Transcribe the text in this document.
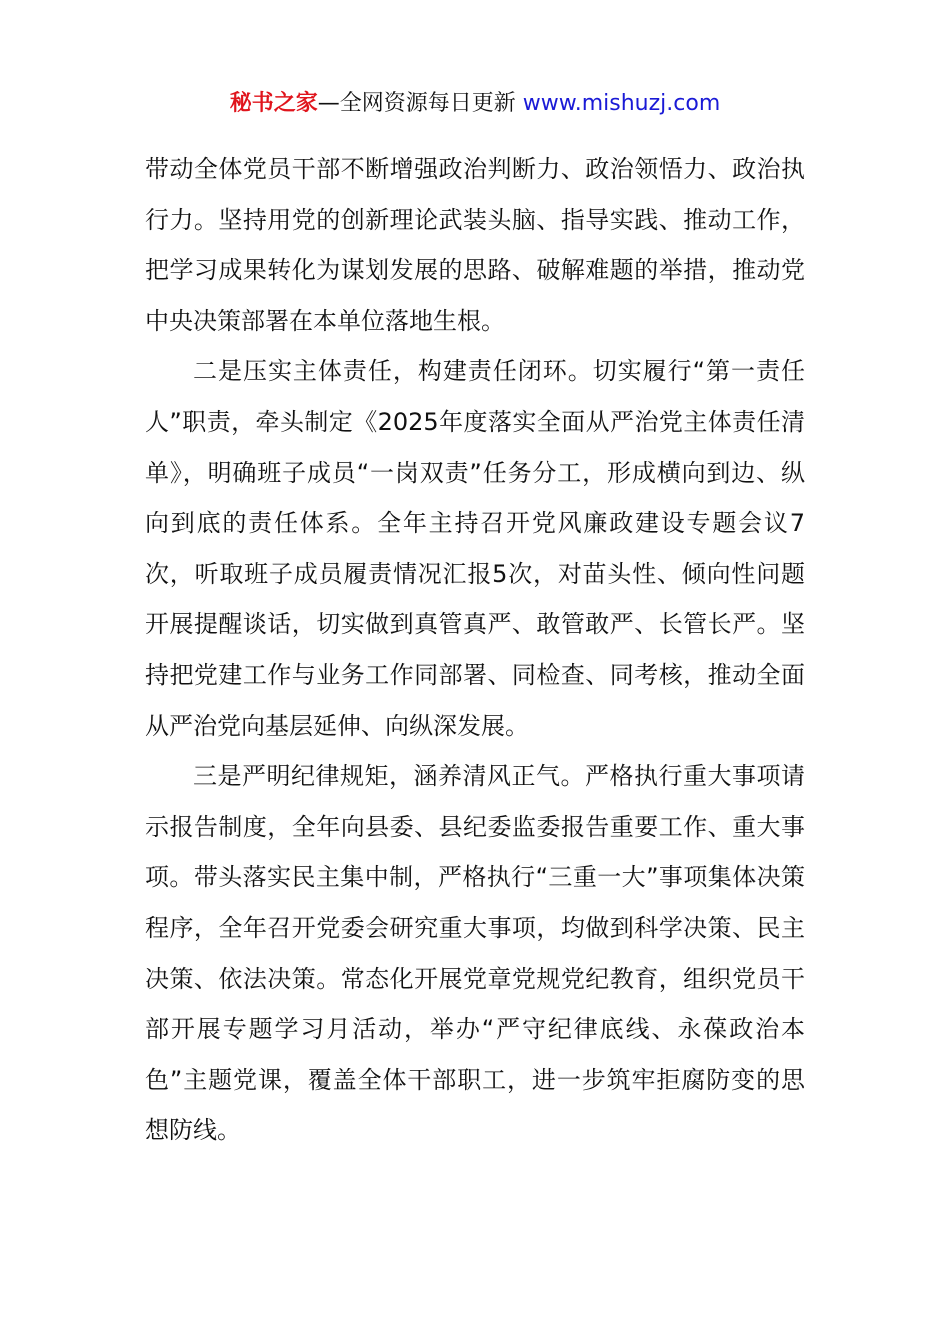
秘书之家—全网资源每日更新 www.mishuzj.com

带动全体党员干部不断增强政治判断力、政治领悟力、政治执行力。坚持用党的创新理论武装头脑、指导实践、推动工作，把学习成果转化为谋划发展的思路、破解难题的举措，推动党中央决策部署在本单位落地生根。

二是压实主体责任，构建责任闭环。切实履行“第一责任人”职责，牵头制定《2025年度落实全面从严治党主体责任清单》，明确班子成员“一岗双责”任务分工，形成横向到边、纵向到底的责任体系。全年主持召开党风廉政建设专题会议7次，听取班子成员履责情况汇报5次，对苗头性、倾向性问题开展提醒谈话，切实做到真管真严、敢管敢严、长管长严。坚持把党建工作与业务工作同部署、同检查、同考核，推动全面从严治党向基层延伸、向纵深发展。

三是严明纪律规矩，涵养清风正气。严格执行重大事项请示报告制度，全年向县委、县纪委监委报告重要工作、重大事项。带头落实民主集中制，严格执行“三重一大”事项集体决策程序，全年召开党委会研究重大事项，均做到科学决策、民主决策、依法决策。常态化开展党章党规党纪教育，组织党员干部开展专题学习月活动，举办“严守纪律底线、永葆政治本色”主题党课，覆盖全体干部职工，进一步筑牢拒腐防变的思想防线。
